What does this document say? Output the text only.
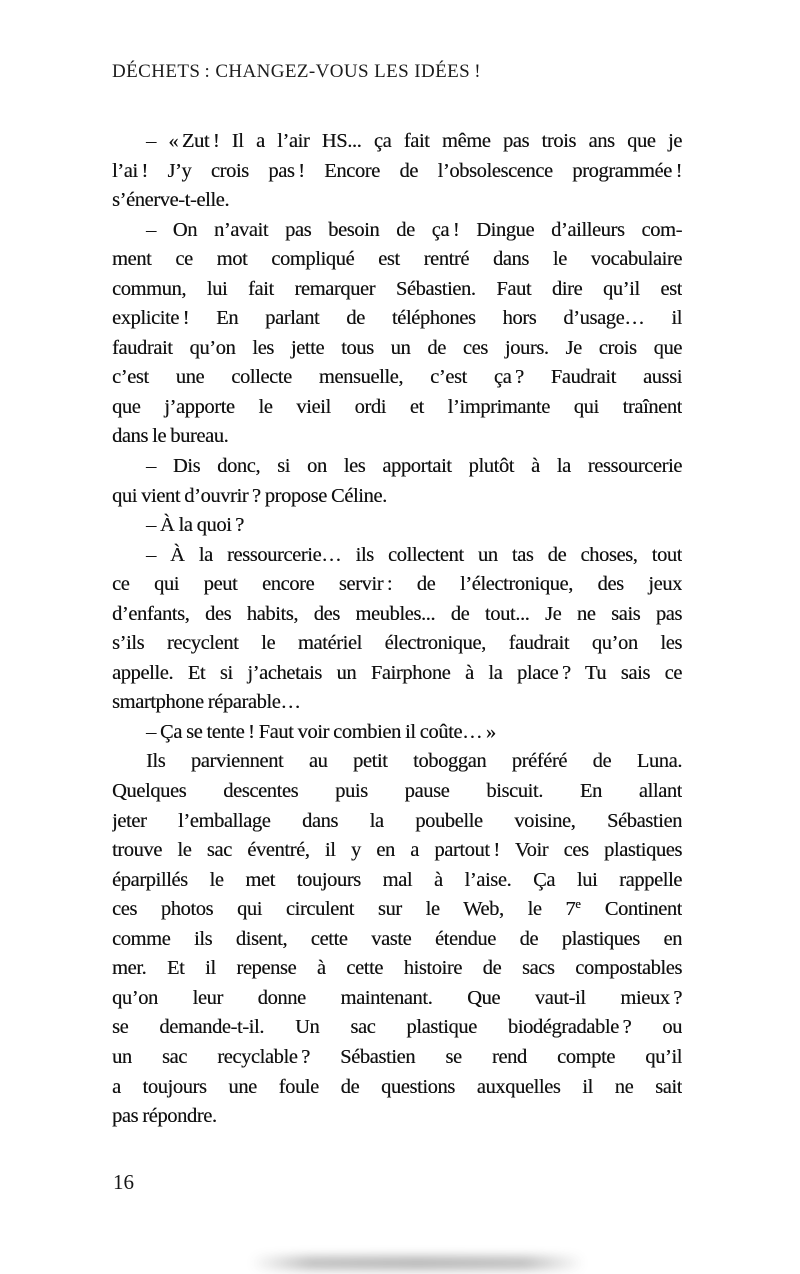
DÉCHETS : CHANGEZ-VOUS LES IDÉES !
– « Zut ! Il a l’air HS... ça fait même pas trois ans que je
l’ai ! J’y crois pas ! Encore de l’obsolescence programmée !
s’énerve-t-elle.
– On n’avait pas besoin de ça ! Dingue d’ailleurs com-
ment ce mot compliqué est rentré dans le vocabulaire
commun, lui fait remarquer Sébastien. Faut dire qu’il est
explicite ! En parlant de téléphones hors d’usage… il
faudrait qu’on les jette tous un de ces jours. Je crois que
c’est une collecte mensuelle, c’est ça ? Faudrait aussi
que j’apporte le vieil ordi et l’imprimante qui traînent
dans le bureau.
– Dis donc, si on les apportait plutôt à la ressourcerie
qui vient d’ouvrir ? propose Céline.
– À la quoi ?
– À la ressourcerie… ils collectent un tas de choses, tout
ce qui peut encore servir : de l’électronique, des jeux
d’enfants, des habits, des meubles... de tout... Je ne sais pas
s’ils recyclent le matériel électronique, faudrait qu’on les
appelle. Et si j’achetais un Fairphone à la place ? Tu sais ce
smartphone réparable…
– Ça se tente ! Faut voir combien il coûte… »
Ils parviennent au petit toboggan préféré de Luna.
Quelques descentes puis pause biscuit. En allant
jeter l’emballage dans la poubelle voisine, Sébastien
trouve le sac éventré, il y en a partout ! Voir ces plastiques
éparpillés le met toujours mal à l’aise. Ça lui rappelle
ces photos qui circulent sur le Web, le 7e Continent
comme ils disent, cette vaste étendue de plastiques en
mer. Et il repense à cette histoire de sacs compostables
qu’on leur donne maintenant. Que vaut-il mieux ?
se demande-t-il. Un sac plastique biodégradable ? ou
un sac recyclable ? Sébastien se rend compte qu’il
a toujours une foule de questions auxquelles il ne sait
pas répondre.
16
